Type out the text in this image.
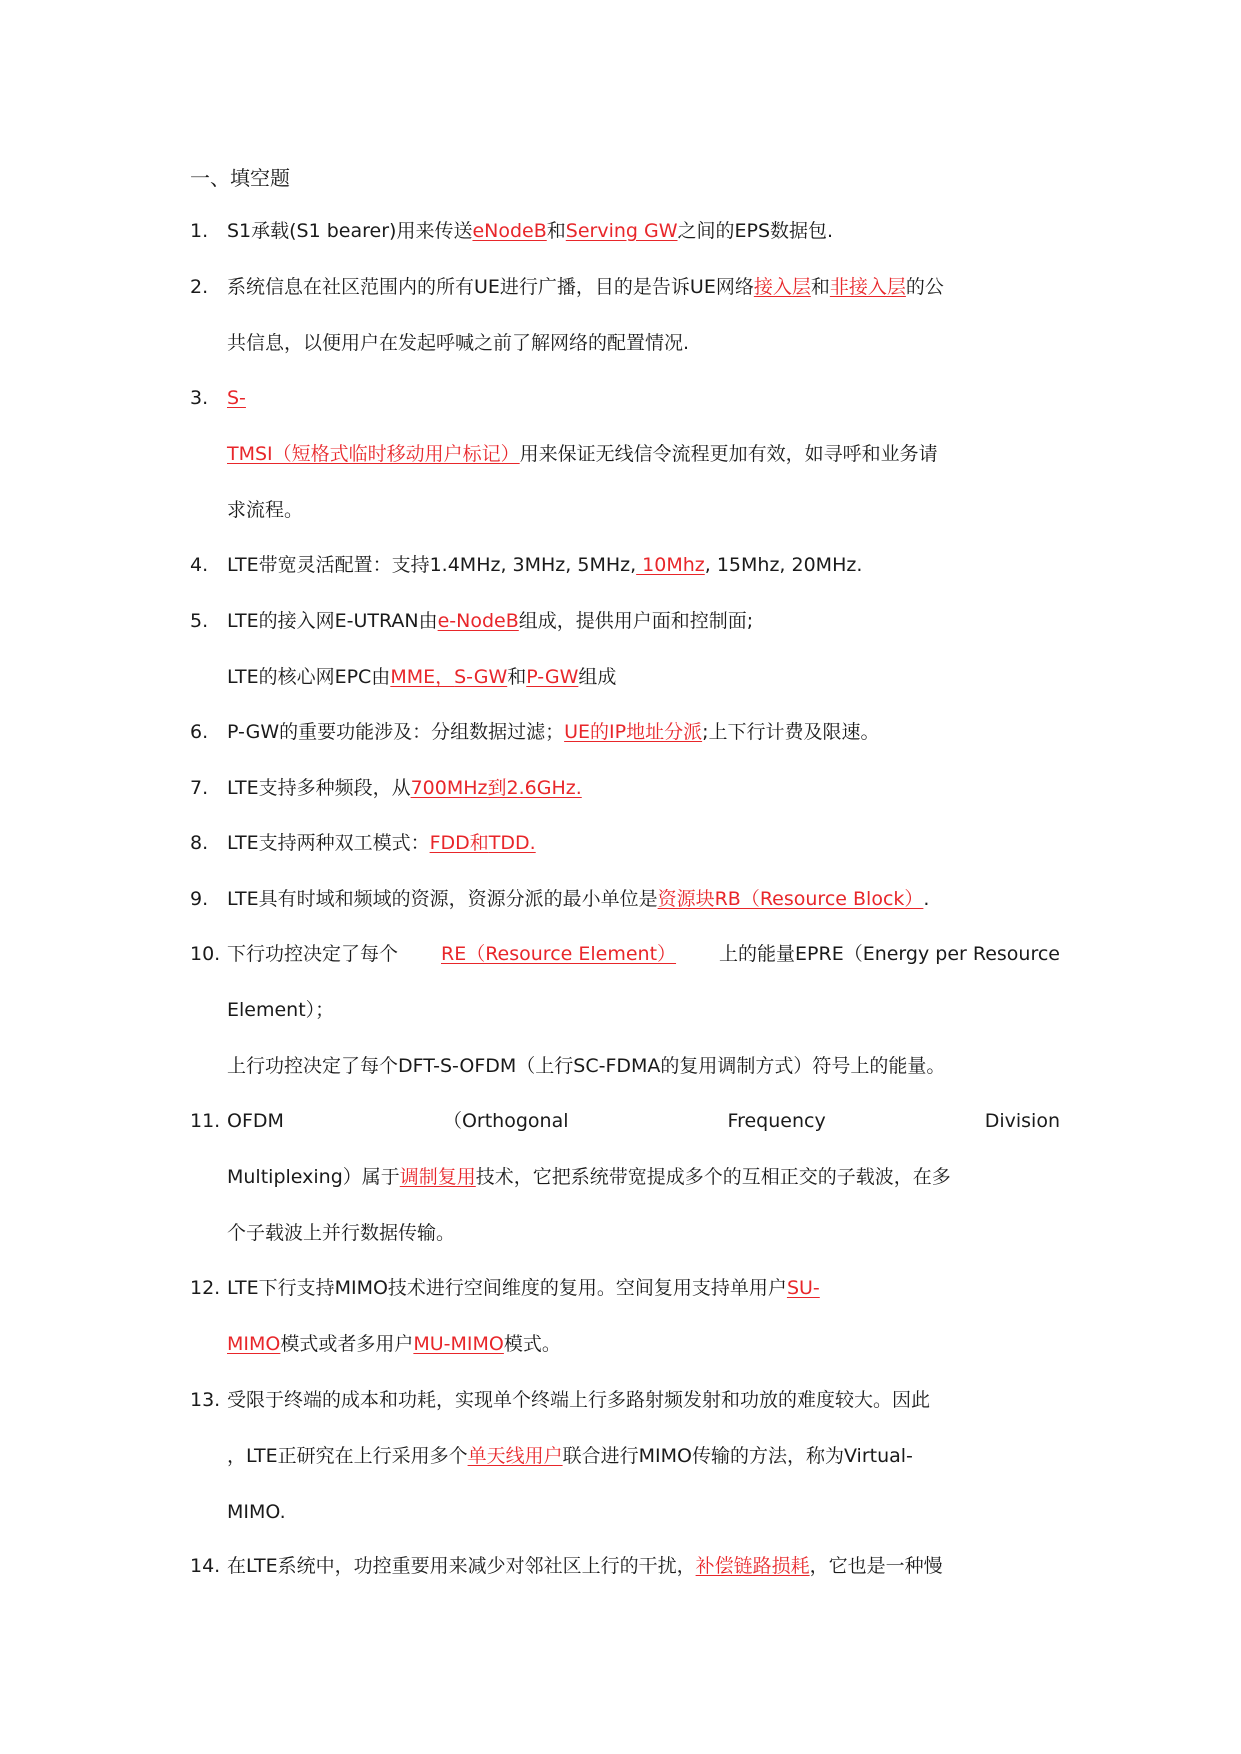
一、填空题
1. S1承载(S1 bearer)用来传送eNodeB和Serving GW之间的EPS数据包.
2. 系统信息在社区范围内的所有UE进行广播，目的是告诉UE网络接入层和非接入层的公
共信息，以便用户在发起呼喊之前了解网络的配置情况.
3. S-
TMSI（短格式临时移动用户标记）用来保证无线信令流程更加有效，如寻呼和业务请
求流程。
4. LTE带宽灵活配置：支持1.4MHz, 3MHz, 5MHz, 10Mhz, 15Mhz, 20MHz.
5. LTE的接入网E-UTRAN由e-NodeB组成，提供用户面和控制面;
LTE的核心网EPC由MME，S-GW和P-GW组成
6. P-GW的重要功能涉及：分组数据过滤；UE的IP地址分派;上下行计费及限速。
7. LTE支持多种频段，从700MHz到2.6GHz.
8. LTE支持两种双工模式：FDD和TDD.
9. LTE具有时域和频域的资源，资源分派的最小单位是资源块RB（Resource Block）.
10. 下行功控决定了每个 RE（Resource Element） 上的能量EPRE（Energy per Resource
Element）；
上行功控决定了每个DFT-S-OFDM（上行SC-FDMA的复用调制方式）符号上的能量。
11. OFDM	（Orthogonal	Frequency	Division
Multiplexing）属于调制复用技术，它把系统带宽提成多个的互相正交的子载波，在多
个子载波上并行数据传输。
12. LTE下行支持MIMO技术进行空间维度的复用。空间复用支持单用户SU-
MIMO模式或者多用户MU-MIMO模式。
13. 受限于终端的成本和功耗，实现单个终端上行多路射频发射和功放的难度较大。因此
，LTE正研究在上行采用多个单天线用户联合进行MIMO传输的方法，称为Virtual-
MIMO.
14. 在LTE系统中，功控重要用来减少对邻社区上行的干扰，补偿链路损耗，它也是一种慢
